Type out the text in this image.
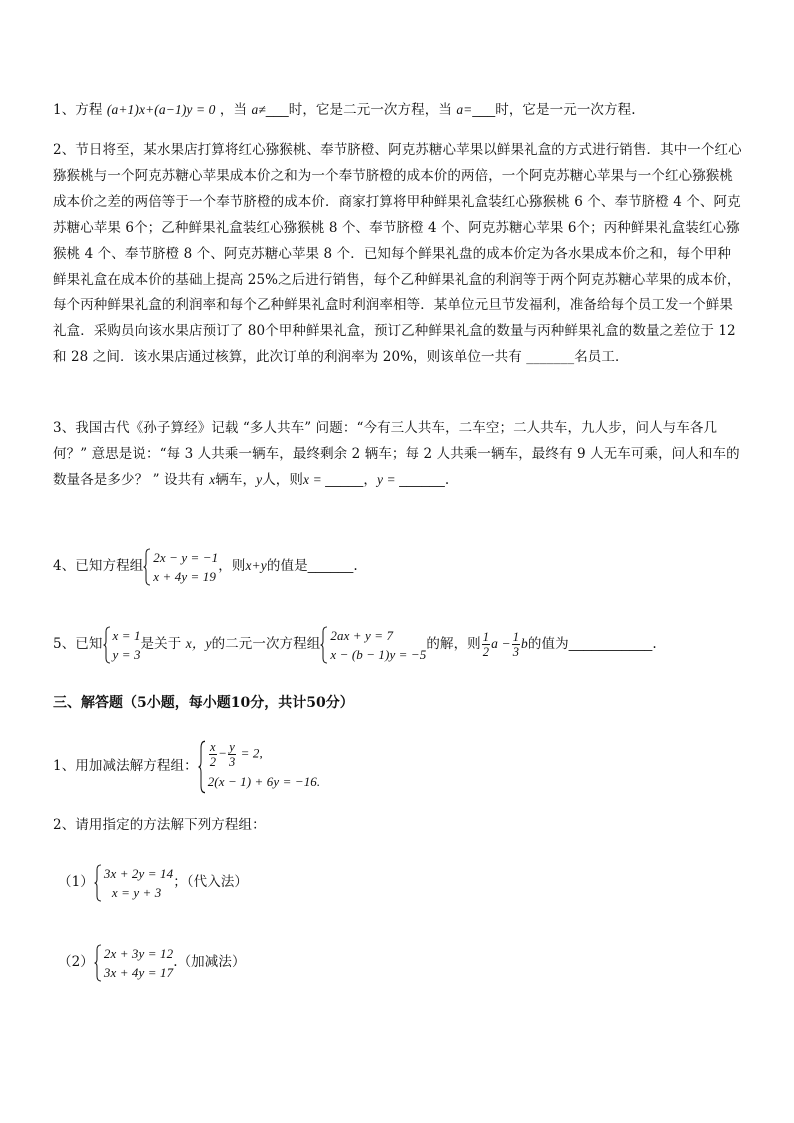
1、方程 (a+1)x+(a−1)y = 0 ，当 a≠___时，它是二元一次方程，当 a=___时，它是一元一次方程.
2、节日将至，某水果店打算将红心猕猴桃、奉节脐橙、阿克苏糖心苹果以鲜果礼盒的方式进行销售．其中一个红心猕猴桃与一个阿克苏糖心苹果成本价之和为一个奉节脐橙的成本价的两倍，一个阿克苏糖心苹果与一个红心猕猴桃成本价之差的两倍等于一个奉节脐橙的成本价．商家打算将甲种鲜果礼盒装红心猕猴桃 6 个、奉节脐橙 4 个、阿克苏糖心苹果 6个；乙种鲜果礼盒装红心猕猴桃 8 个、奉节脐橙 4 个、阿克苏糖心苹果 6个；丙种鲜果礼盒装红心猕猴桃 4 个、奉节脐橙 8 个、阿克苏糖心苹果 8 个．已知每个鲜果礼盘的成本价定为各水果成本价之和，每个甲种鲜果礼盒在成本价的基础上提高 25%之后进行销售，每个乙种鲜果礼盒的利润等于两个阿克苏糖心苹果的成本价，每个丙种鲜果礼盒的利润率和每个乙种鲜果礼盒时利润率相等．某单位元旦节发福利，准备给每个员工发一个鲜果礼盒．采购员向该水果店预订了 80个甲种鲜果礼盒，预订乙种鲜果礼盒的数量与丙种鲜果礼盒的数量之差位于 12 和 28 之间．该水果店通过核算，此次订单的利润率为 20%，则该单位一共有 _______名员工．
3、我国古代《孙子算经》记载 “多人共车” 问题：“今有三人共车，二车空；二人共车，九人步，问人与车各几何？” 意思是说：“每 3 人共乘一辆车，最终剩余 2 辆车；每 2 人共乘一辆车，最终有 9 人无车可乘，问人和车的数量各是多少？ ” 设共有 x辆车，y人，则x = _____，y = ______.
4、已知方程组
2x − y = −1
x + 4y = 19
，则x+y的值是______.
5、已知
x = 1
y = 3
是关于 x，y的二元一次方程组
2ax + y = 7
x − (b − 1)y = −5
的解，则 $\frac{1}{2}$ $a - \frac{1}{3}$ b的值为___________.
三、解答题（5小题，每小题10分，共计50分）
1、用加减法解方程组： $\frac{x}{2} - \frac{y}{3} = 2$,
2(x − 1) + 6y = −16.
2、请用指定的方法解下列方程组：
（1）
3x + 2y = 14
x = y + 3
；（代入法）
（2）
2x + 3y = 12
3x + 4y = 17
.（加减法）
